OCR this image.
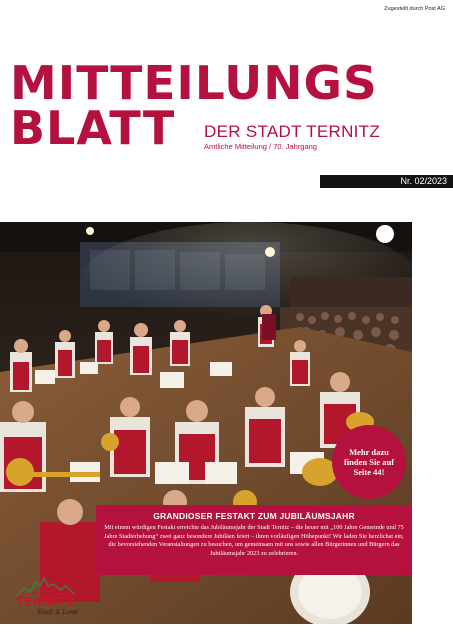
Zugestellt durch Post AG
MITTEILUNGS
BLATT DER STADT TERNITZ
Amtliche Mitteilung / 70. Jahrgang
Nr. 02/2023
Mehr dazu
finden Sie auf
Seite 44!
GRANDIOSER FESTAKT ZUM JUBILÄUMSJAHR
Mit einem würdigen Festakt erreichte das Jubiläumsjahr der Stadt Ternitz – die heuer mit „100 Jahre Gemeinde und 75 Jahre Stadterhebung“ zwei ganz besondere Jubiläen feiert – ihren vorläufigen Höhepunkt! Wir laden Sie herzlichst ein, die bevorstehenden Veranstaltungen zu besuchen, um gemeinsam mit uns sowie allen Bürgerinnen und Bürgern das Jubiläumsjahr 2023 zu zelebrieren.
TERNITZ
Stadt & Land
